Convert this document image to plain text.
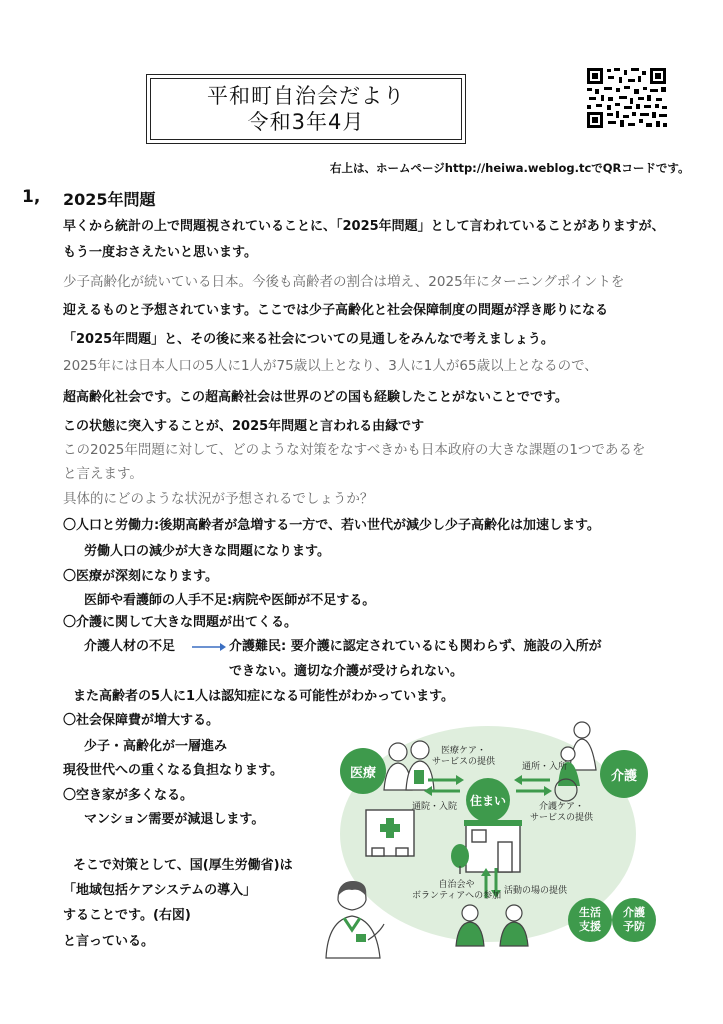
平和町自治会だより
令和3年4月
右上は、ホームページhttp://heiwa.weblog.tcでQRコードです。
1, 2025年問題
早くから統計の上で問題視されていることに、「2025年問題」として言われていることがありますが、
もう一度おさえたいと思います。
少子高齢化が続いている日本。今後も高齢者の割合は増え、2025年にターニングポイントを
迎えるものと予想されています。ここでは少子高齢化と社会保障制度の問題が浮き彫りになる
「2025年問題」と、その後に来る社会についての見通しをみんなで考えましょう。
2025年には日本人口の5人に1人が75歳以上となり、3人に1人が65歳以上となるので、
超高齢化社会です。この超高齢社会は世界のどの国も経験したことがないことでです。
この状態に突入することが、2025年問題と言われる由縁です
この2025年問題に対して、どのような対策をなすべきかも日本政府の大きな課題の1つであるを
と言えます。
具体的にどのような状況が予想されるでしょうか？
〇人口と労働力:後期高齢者が急増する一方で、若い世代が減少し少子高齢化は加速します。
労働人口の減少が大きな問題になります。
〇医療が深刻になります。
医師や看護師の人手不足:病院や医師が不足する。
〇介護に関して大きな問題が出てくる。
介護人材の不足	介護難民: 要介護に認定されているにも関わらず、施設の入所が
できない。適切な介護が受けられない。
また高齢者の5人に1人は認知症になる可能性がわかっています。
〇社会保障費が増大する。
少子・高齢化が一層進み
現役世代への重くなる負担なります。
〇空き家が多くなる。
マンション需要が減退します。
そこで対策として、国(厚生労働省)は
「地域包括ケアシステムの導入」
することです。(右図)
と言っている。
医療	介護
住まい
生活
支援
介護
予防
医療ケア・
サービスの提供
通院・入院
通所・入所
介護ケア・
サービスの提供
自治会や
ボランティアへの参加 活動の場の提供
